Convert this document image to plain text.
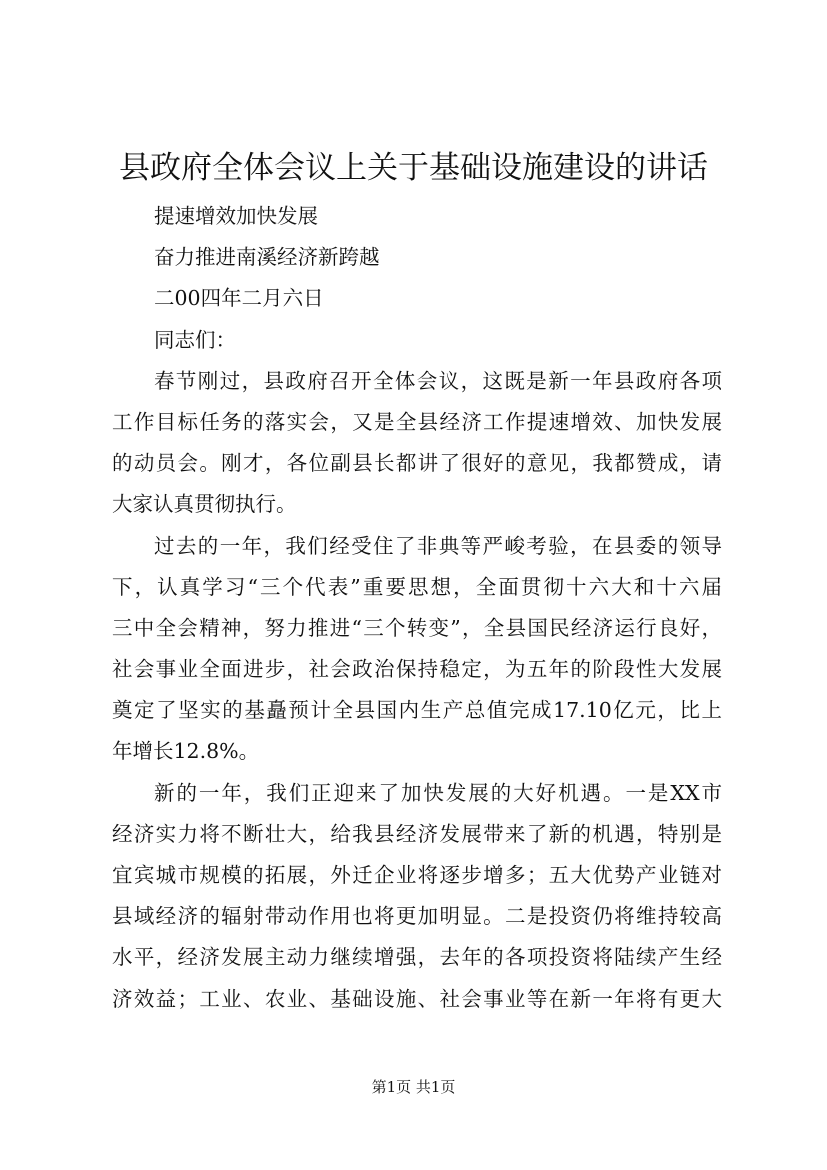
县政府全体会议上关于基础设施建设的讲话
提速增效加快发展
奋力推进南溪经济新跨越
二00四年二月六日
同志们：
春节刚过，县政府召开全体会议，这既是新一年县政府各项
工作目标任务的落实会，又是全县经济工作提速增效、加快发展
的动员会。刚才，各位副县长都讲了很好的意见，我都赞成，请
大家认真贯彻执行。
过去的一年，我们经受住了非典等严峻考验，在县委的领导
下，认真学习“三个代表”重要思想，全面贯彻十六大和十六届
三中全会精神，努力推进“三个转变”，全县国民经济运行良好，
社会事业全面进步，社会政治保持稳定，为五年的阶段性大发展
奠定了坚实的基矗预计全县国内生产总值完成17.10亿元，比上
年增长12.8%。
新的一年，我们正迎来了加快发展的大好机遇。一是XX市
经济实力将不断壮大，给我县经济发展带来了新的机遇，特别是
宜宾城市规模的拓展，外迁企业将逐步增多；五大优势产业链对
县域经济的辐射带动作用也将更加明显。二是投资仍将维持较高
水平，经济发展主动力继续增强，去年的各项投资将陆续产生经
济效益；工业、农业、基础设施、社会事业等在新一年将有更大
第1页 共1页
